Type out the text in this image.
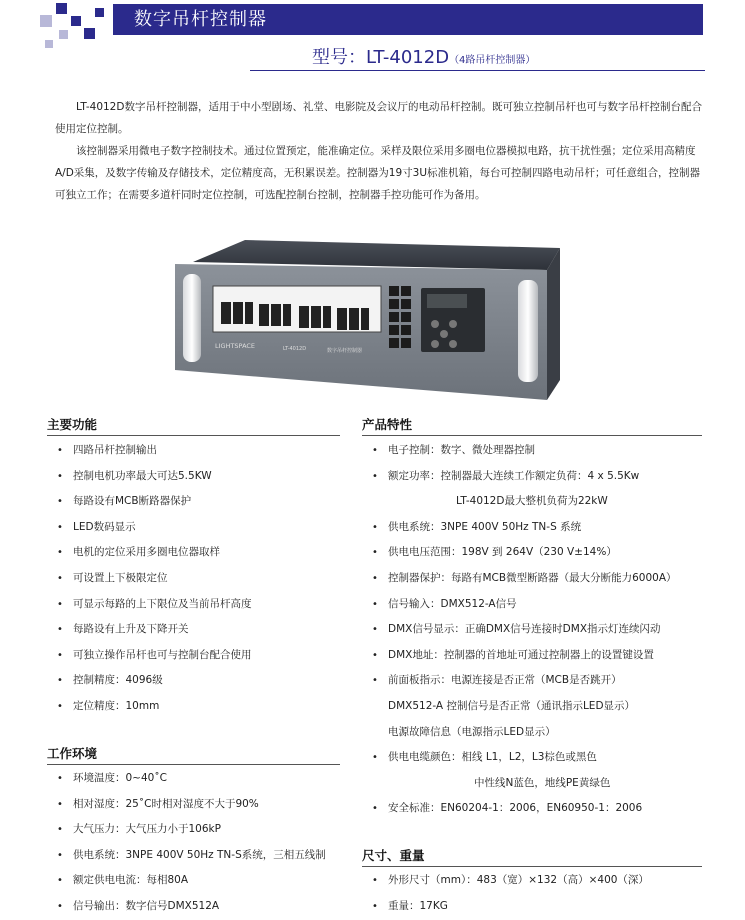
数字吊杆控制器
型号：LT-4012D（4路吊杆控制器）

LT-4012D数字吊杆控制器，适用于中小型剧场、礼堂、电影院及会议厅的电动吊杆控制。既可独立控制吊杆也可与数字吊杆控制台配合使用定位控制。

该控制器采用微电子数字控制技术。通过位置预定，能准确定位。采样及限位采用多圈电位器模拟电路，抗干扰性强；定位采用高精度A/D采集，及数字传输及存储技术，定位精度高，无积累误差。控制器为19寸3U标准机箱，每台可控制四路电动吊杆；可任意组合，控制器可独立工作；在需要多道杆同时定位控制，可选配控制台控制，控制器手控功能可作为备用。

LIGHTSPACE	LT-4012D	数字吊杆控制器
主要功能
• 四路吊杆控制输出
• 控制电机功率最大可达5.5KW
• 每路设有MCB断路器保护
• LED数码显示
• 电机的定位采用多圈电位器取样
• 可设置上下极限定位
• 可显示每路的上下限位及当前吊杆高度
• 每路设有上升及下降开关
• 可独立操作吊杆也可与控制台配合使用
• 控制精度：4096级
• 定位精度：10mm
工作环境
• 环境温度：0~40˚C
• 相对湿度：25˚C时相对湿度不大于90%
• 大气压力：大气压力小于106kP
• 供电系统：3NPE 400V 50Hz TN-S系统，三相五线制
• 额定供电电流：每相80A
• 信号输出：数字信号DMX512A
产品特性
• 电子控制：数字、微处理器控制
• 额定功率：控制器最大连续工作额定负荷：4 x 5.5Kw
LT-4012D最大整机负荷为22kW
• 供电系统：3NPE 400V 50Hz TN-S 系统
• 供电电压范围：198V 到 264V（230 V±14%）
• 控制器保护：每路有MCB微型断路器（最大分断能力6000A）
• 信号输入：DMX512-A信号
• DMX信号显示：正确DMX信号连接时DMX指示灯连续闪动
• DMX地址：控制器的首地址可通过控制器上的设置键设置
• 前面板指示：电源连接是否正常（MCB是否跳开）
DMX512-A 控制信号是否正常（通讯指示LED显示）
电源故障信息（电源指示LED显示）
• 供电电缆颜色：相线 L1，L2，L3棕色或黑色
中性线N蓝色，地线PE黄绿色
• 安全标准：EN60204-1：2006，EN60950-1：2006
尺寸、重量
• 外形尺寸（mm）：483（宽）×132（高）×400（深）
• 重量：17KG
